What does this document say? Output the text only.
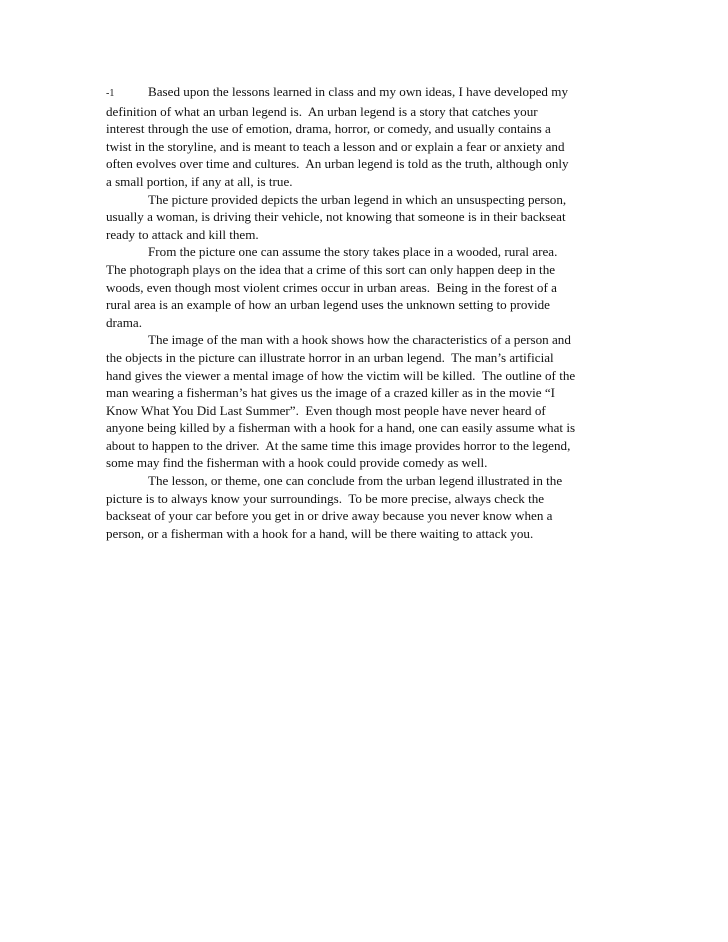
-1	Based upon the lessons learned in class and my own ideas, I have developed my
definition of what an urban legend is.  An urban legend is a story that catches your
interest through the use of emotion, drama, horror, or comedy, and usually contains a
twist in the storyline, and is meant to teach a lesson and or explain a fear or anxiety and
often evolves over time and cultures.  An urban legend is told as the truth, although only
a small portion, if any at all, is true.
The picture provided depicts the urban legend in which an unsuspecting person,
usually a woman, is driving their vehicle, not knowing that someone is in their backseat
ready to attack and kill them.
From the picture one can assume the story takes place in a wooded, rural area.
The photograph plays on the idea that a crime of this sort can only happen deep in the
woods, even though most violent crimes occur in urban areas.  Being in the forest of a
rural area is an example of how an urban legend uses the unknown setting to provide
drama.
The image of the man with a hook shows how the characteristics of a person and
the objects in the picture can illustrate horror in an urban legend.  The man’s artificial
hand gives the viewer a mental image of how the victim will be killed.  The outline of the
man wearing a fisherman’s hat gives us the image of a crazed killer as in the movie “I
Know What You Did Last Summer”.  Even though most people have never heard of
anyone being killed by a fisherman with a hook for a hand, one can easily assume what is
about to happen to the driver.  At the same time this image provides horror to the legend,
some may find the fisherman with a hook could provide comedy as well.
The lesson, or theme, one can conclude from the urban legend illustrated in the
picture is to always know your surroundings.  To be more precise, always check the
backseat of your car before you get in or drive away because you never know when a
person, or a fisherman with a hook for a hand, will be there waiting to attack you.
